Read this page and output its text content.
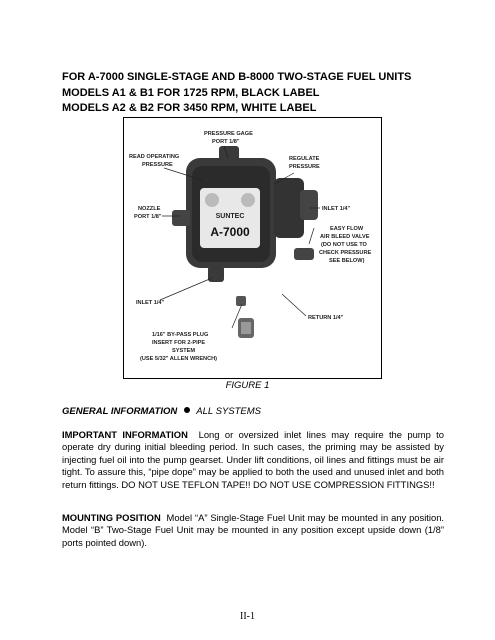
FOR A-7000 SINGLE-STAGE AND B-8000 TWO-STAGE FUEL UNITS
MODELS A1 & B1 FOR 1725 RPM, BLACK LABEL
MODELS A2 & B2 FOR 3450 RPM, WHITE LABEL
SUNTEC
A-7000
PRESSURE GAGE
PORT 1/8"
READ OPERATING
PRESSURE
REGULATE
PRESSURE
NOZZLE
PORT 1/8"
INLET 1/4"
EASY FLOW
AIR BLEED VALVE
(DO NOT USE TO
CHECK PRESSURE
SEE BELOW)
INLET 1/4"
RETURN 1/4"
1/16" BY-PASS PLUG
INSERT FOR 2-PIPE
SYSTEM
(USE 5/32" ALLEN WRENCH)
FIGURE 1
GENERAL INFORMATION ALL SYSTEMS
IMPORTANT INFORMATION Long or oversized inlet lines may require the pump to operate dry during initial bleeding period. In such cases, the priming may be assisted by injecting fuel oil into the pump gearset. Under lift conditions, oil lines and fittings must be air tight. To assure this, “pipe dope” may be applied to both the used and unused inlet and both return fittings. DO NOT USE TEFLON TAPE!! DO NOT USE COMPRESSION FITTINGS!!
MOUNTING POSITION Model “A” Single-Stage Fuel Unit may be mounted in any position. Model “B” Two-Stage Fuel Unit may be mounted in any position except upside down (1/8” ports pointed down).
II-1
